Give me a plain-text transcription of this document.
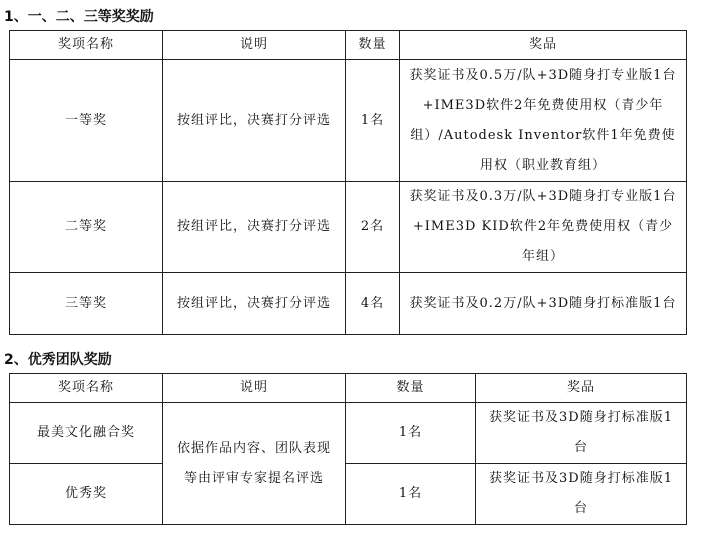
1、一、二、三等奖奖励
奖项名称	说明	数量	奖品
一等奖	按组评比，决赛打分评选	1名	获奖证书及0.5万/队+3D随身打专业版1台+IME3D软件2年免费使用权（青少年组）/Autodesk Inventor软件1年免费使用权（职业教育组）
二等奖	按组评比，决赛打分评选	2名	获奖证书及0.3万/队+3D随身打专业版1台+IME3D KID软件2年免费使用权（青少年组）
三等奖	按组评比，决赛打分评选	4名	获奖证书及0.2万/队+3D随身打标准版1台
2、优秀团队奖励
奖项名称	说明	数量	奖品
最美文化融合奖	依据作品内容、团队表现等由评审专家提名评选	1名	获奖证书及3D随身打标准版1台
优秀奖		1名	获奖证书及3D随身打标准版1台
